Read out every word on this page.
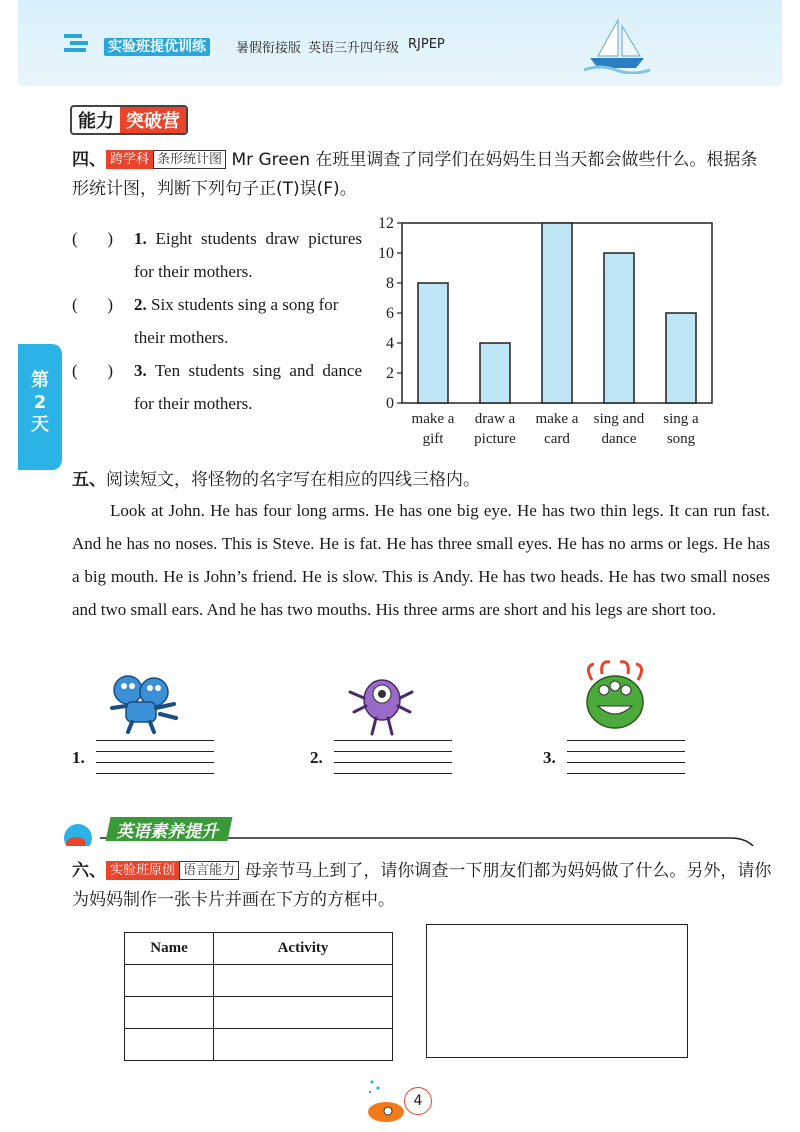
实验班提优训练	暑假衔接版 英语三升四年级 RJPEP
第2天
能力 突破营
四、 跨学科 条形统计图 Mr Green 在班里调查了同学们在妈妈生日当天都会做些什么。根据条形统计图，判断下列句子正(T)误(F)。
(       )	1. Eight students draw pictures for their mothers.
(       )	2. Six students sing a song for their mothers.
(       )	3. Ten students sing and dance for their mothers.	0
2
4
6
8
10
12
make a gift
draw a picture
make a card
sing and dance
sing a song
五、阅读短文，将怪物的名字写在相应的四线三格内。
Look at John. He has four long arms. He has one big eye. He has two thin legs. It can run fast. And he has no noses. This is Steve. He is fat. He has three small eyes. He has no arms or legs. He has a big mouth. He is John’s friend. He is slow. This is Andy. He has two heads. He has two small noses and two small ears. And he has two mouths. His three arms are short and his legs are short too.
1.	2.	3.
英语素养提升
六、 实验班原创 语言能力 母亲节马上到了，请你调查一下朋友们都为妈妈做了什么。另外，请你为妈妈制作一张卡片并画在下方的方框中。
Name	Activity

4
